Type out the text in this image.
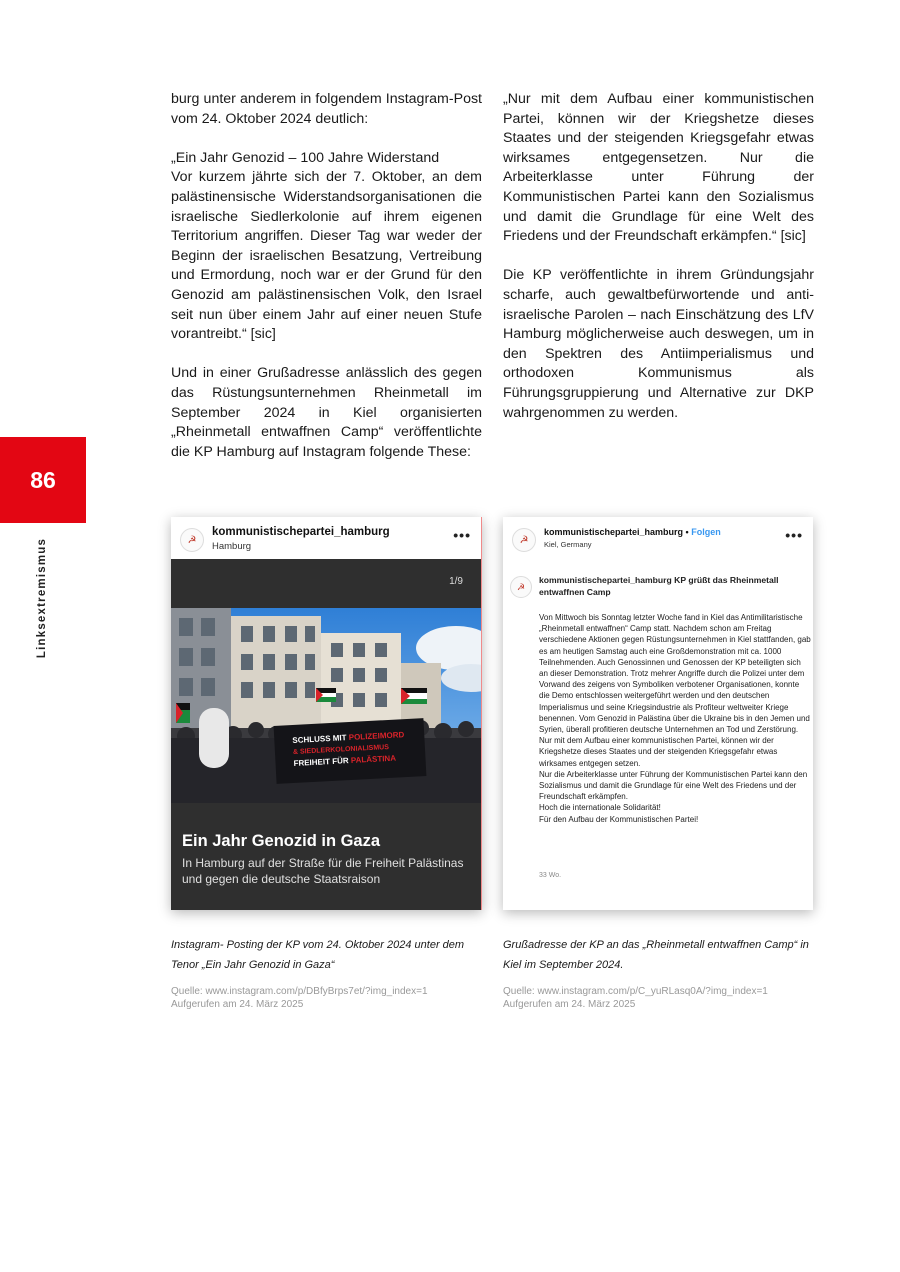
burg unter anderem in folgendem Instagram-Post vom 24. Oktober 2024 deutlich:

„Ein Jahr Genozid – 100 Jahre Widerstand
Vor kurzem jährte sich der 7. Oktober, an dem palästinensische Widerstandsorganisationen die israelische Siedlerkolonie auf ihrem eigenen Territorium angriffen. Dieser Tag war weder der Beginn der israelischen Besatzung, Vertreibung und Ermordung, noch war er der Grund für den Genozid am palästinensischen Volk, den Israel seit nun über einem Jahr auf einer neuen Stufe vorantreibt.“ [sic]

Und in einer Grußadresse anlässlich des gegen das Rüstungsunternehmen Rheinmetall im September 2024 in Kiel organisierten „Rheinmetall entwaffnen Camp“ veröffentlichte die KP Hamburg auf Instagram folgende These:

„Nur mit dem Aufbau einer kommunistischen Partei, können wir der Kriegshetze dieses Staates und der steigenden Kriegsgefahr etwas wirksames entgegensetzen. Nur die Arbeiterklasse unter Führung der Kommunistischen Partei kann den Sozialismus und damit die Grundlage für eine Welt des Friedens und der Freundschaft erkämpfen.“ [sic]

Die KP veröffentlichte in ihrem Gründungsjahr scharfe, auch gewaltbefürwortende und anti-israelische Parolen – nach Einschätzung des LfV Hamburg möglicherweise auch deswegen, um in den Spektren des Antiimperialismus und orthodoxen Kommunismus als Führungsgruppierung und Alternative zur DKP wahrgenommen zu werden.

86
Linksextremismus	☭
kommunistischepartei_hamburg
Hamburg
•••
1/9
SCHLUSS MIT POLIZEIMORD
& SIEDLERKOLONIALISMUS
FREIHEIT FÜR PALÄSTINA
Ein Jahr Genozid in Gaza
In Hamburg auf der Straße für die Freiheit Palästinas und gegen die deutsche Staatsraison
☭
kommunistischepartei_hamburg • Folgen
Kiel, Germany
•••
☭
kommunistischepartei_hamburg KP grüßt das Rheinmetall entwaffnen Camp
Von Mittwoch bis Sonntag letzter Woche fand in Kiel das Antimilitaristische „Rheinmetall entwaffnen“ Camp statt. Nachdem schon am Freitag verschiedene Aktionen gegen Rüstungsunternehmen in Kiel stattfanden, gab es am heutigen Samstag auch eine Großdemonstration mit ca. 1000 Teilnehmenden. Auch Genossinnen und Genossen der KP beteiligten sich an dieser Demonstration. Trotz mehrer Angriffe durch die Polizei unter dem Vorwand des zeigens von Symboliken verbotener Organisationen, konnte die Demo entschlossen weitergeführt werden und den deutschen Imperialismus und seine Kriegsindustrie als Profiteur weltweiter Kriege benennen. Vom Genozid in Palästina über die Ukraine bis in den Jemen und Syrien, überall profitieren deutsche Unternehmen an Tod und Zerstörung.
Nur mit dem Aufbau einer kommunistischen Partei, können wir der Kriegshetze dieses Staates und der steigenden Kriegsgefahr etwas wirksames entgegen setzen.
Nur die Arbeiterklasse unter Führung der Kommunistischen Partei kann den Sozialismus und damit die Grundlage für eine Welt des Friedens und der Freundschaft erkämpfen.
Hoch die internationale Solidarität!
Für den Aufbau der Kommunistischen Partei!
33 Wo.
Instagram- Posting der KP vom 24. Oktober 2024 unter dem Tenor „Ein Jahr Genozid in Gaza“
Grußadresse der KP an das „Rheinmetall entwaffnen Camp“ in Kiel im September 2024.
Quelle: www.instagram.com/p/DBfyBrps7et/?img_index=1
Aufgerufen am 24. März 2025
Quelle: www.instagram.com/p/C_yuRLasq0A/?img_index=1
Aufgerufen am 24. März 2025
